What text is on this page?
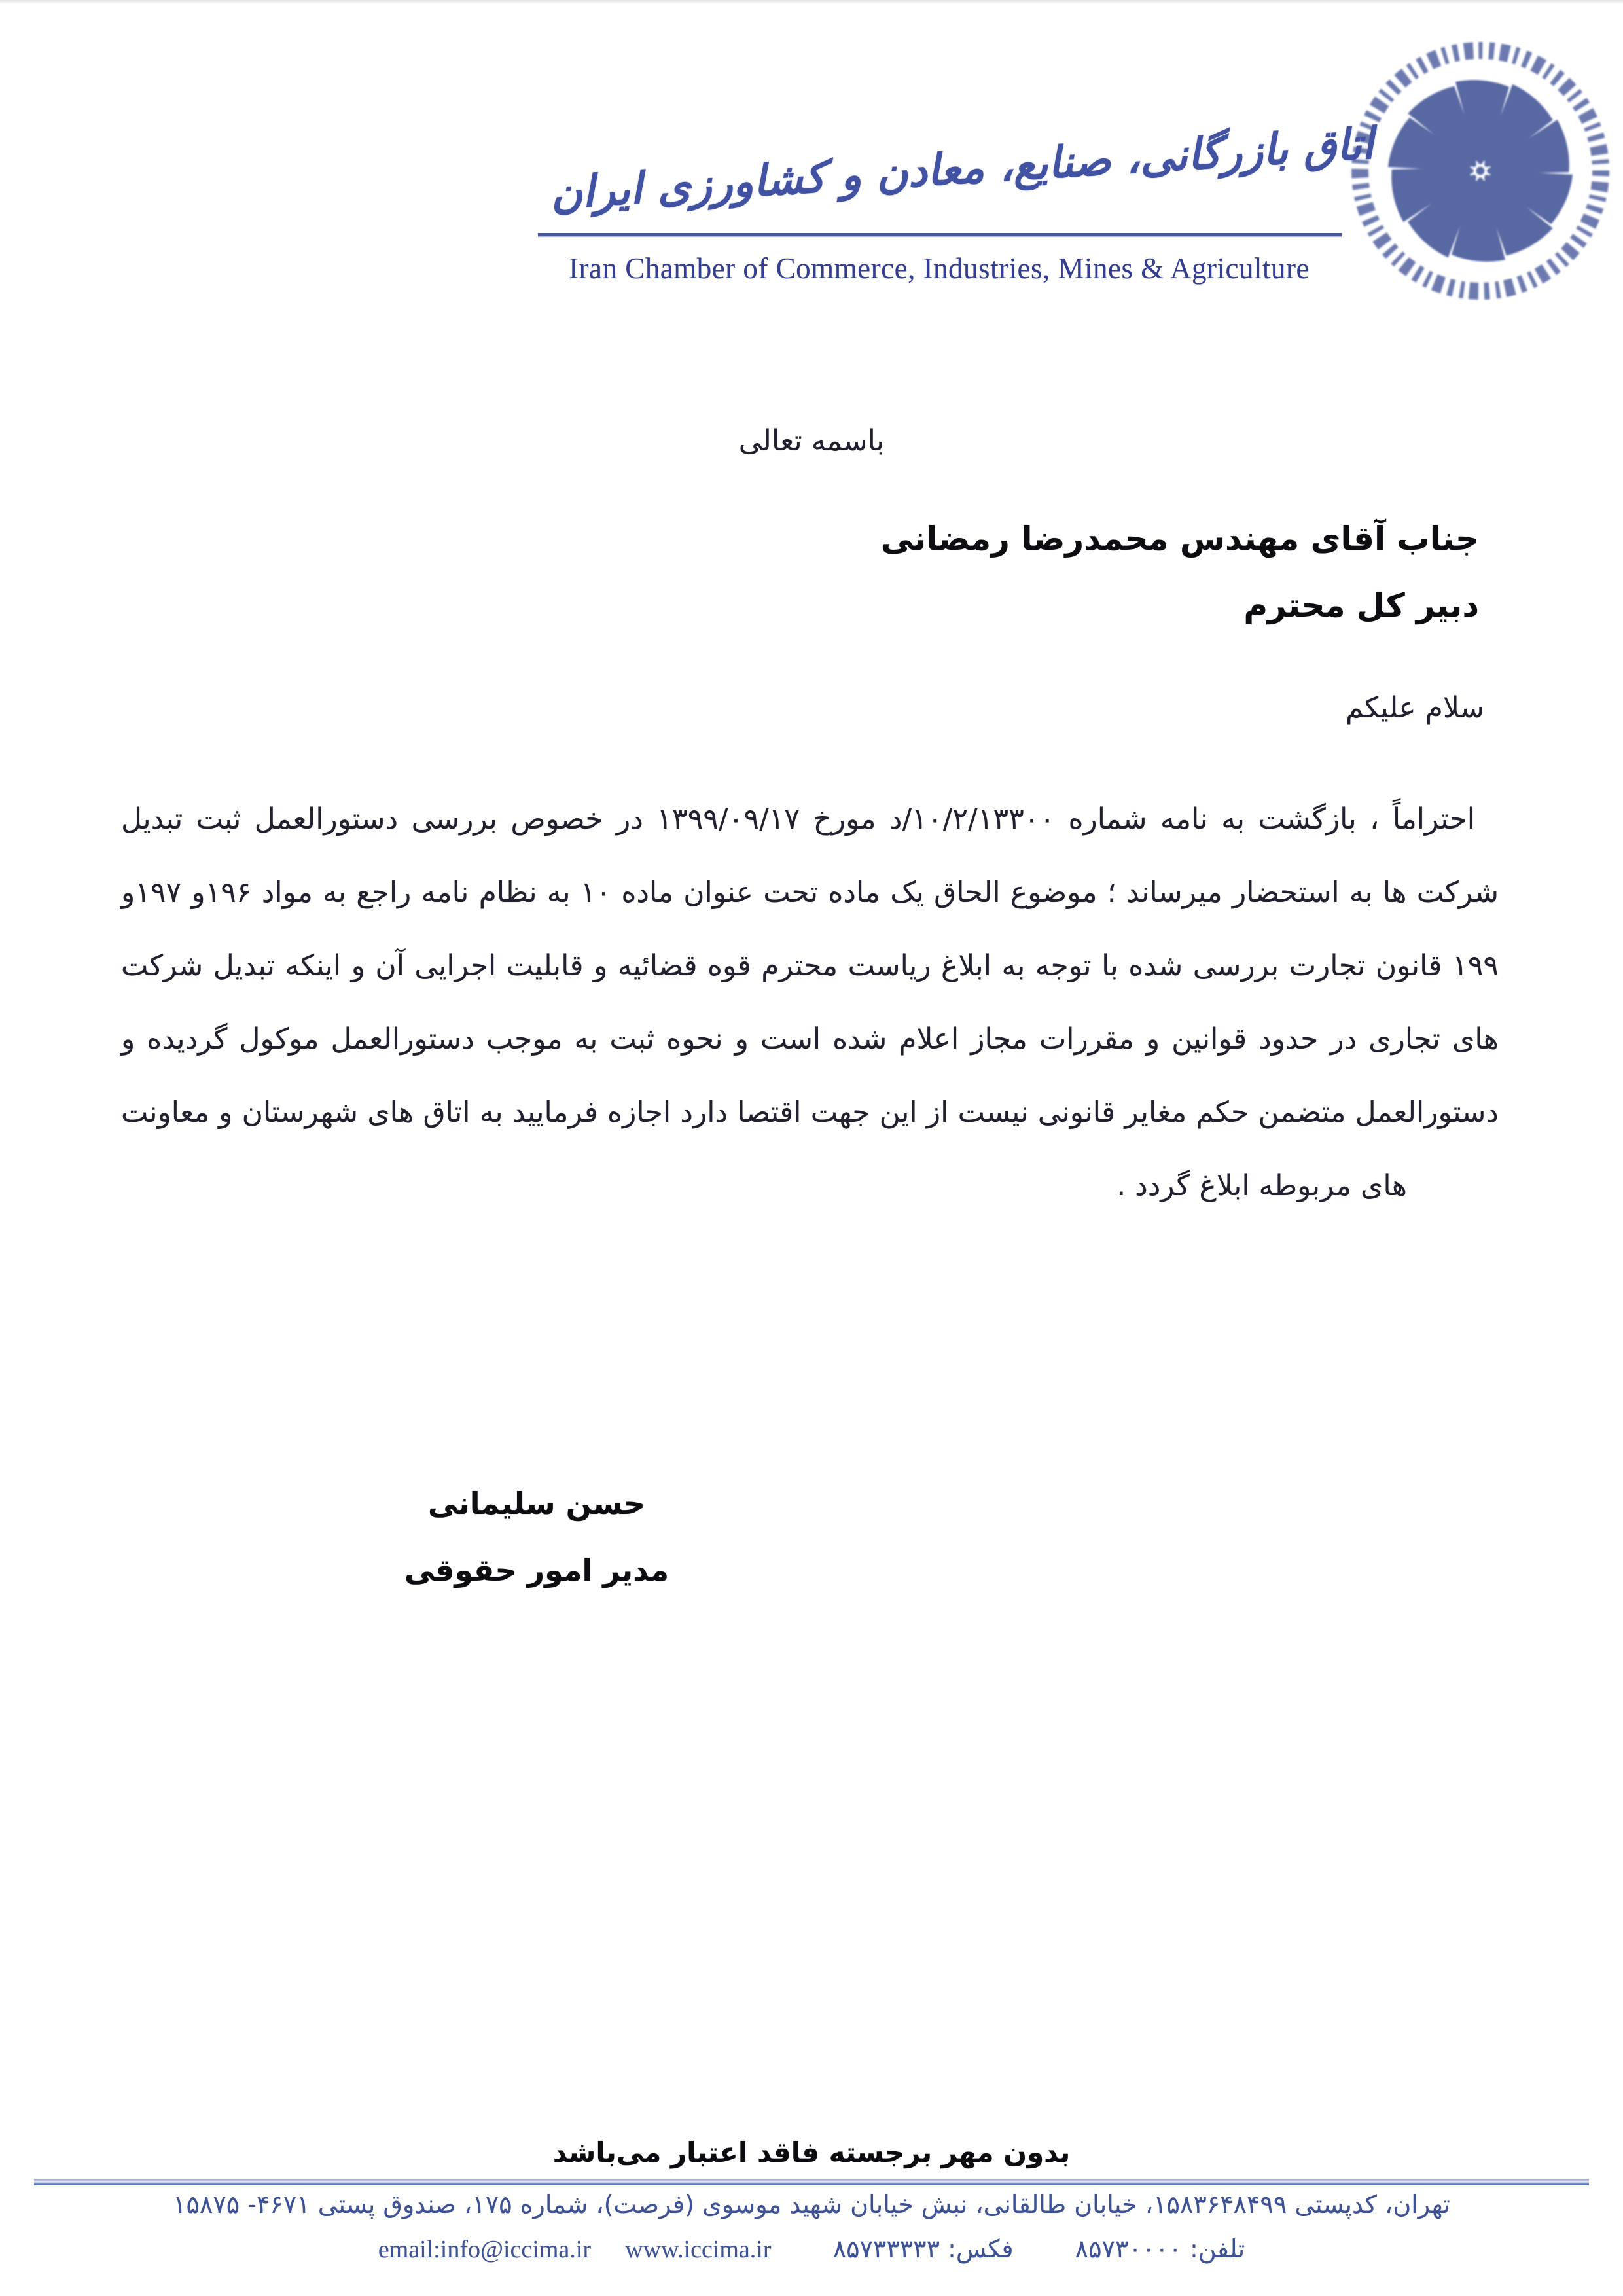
اتاق بازرگانی، صنایع، معادن و کشاورزی ایران
Iran Chamber of Commerce, Industries, Mines & Agriculture
باسمه تعالی
جناب آقای مهندس محمدرضا رمضانی
دبیر کل محترم
سلام علیکم
احتراماً ، بازگشت به نامه شماره ۱۰/۲/۱۳۳۰۰/د مورخ ۱۳۹۹/۰۹/۱۷ در خصوص بررسی دستورالعمل ثبت تبدیل
شرکت ها به استحضار میرساند ؛ موضوع الحاق یک ماده تحت عنوان ماده ۱۰ به نظام نامه راجع به مواد ۱۹۶و ۱۹۷و
۱۹۹ قانون تجارت بررسی شده با توجه به ابلاغ ریاست محترم قوه قضائیه و قابلیت اجرایی آن و اینکه تبدیل شرکت
های تجاری در حدود قوانین و مقررات مجاز اعلام شده است و نحوه ثبت به موجب دستورالعمل موکول گردیده و
دستورالعمل متضمن حکم مغایر قانونی نیست از این جهت اقتصا دارد اجازه فرمایید به اتاق های شهرستان و معاونت
های مربوطه ابلاغ گردد .
حسن سلیمانی
مدیر امور حقوقی
بدون مهر برجسته فاقد اعتبار می‌باشد
تهران، کدپستی ۱۵۸۳۶۴۸۴۹۹، خیابان طالقانی، نبش خیابان شهید موسوی (فرصت)، شماره ۱۷۵، صندوق پستی ۴۶۷۱- ۱۵۸۷۵
تلفن: ۸۵۷۳۰۰۰۰  فکس: ۸۵۷۳۳۳۳۳  email:info@iccima.ir www.iccima.ir
